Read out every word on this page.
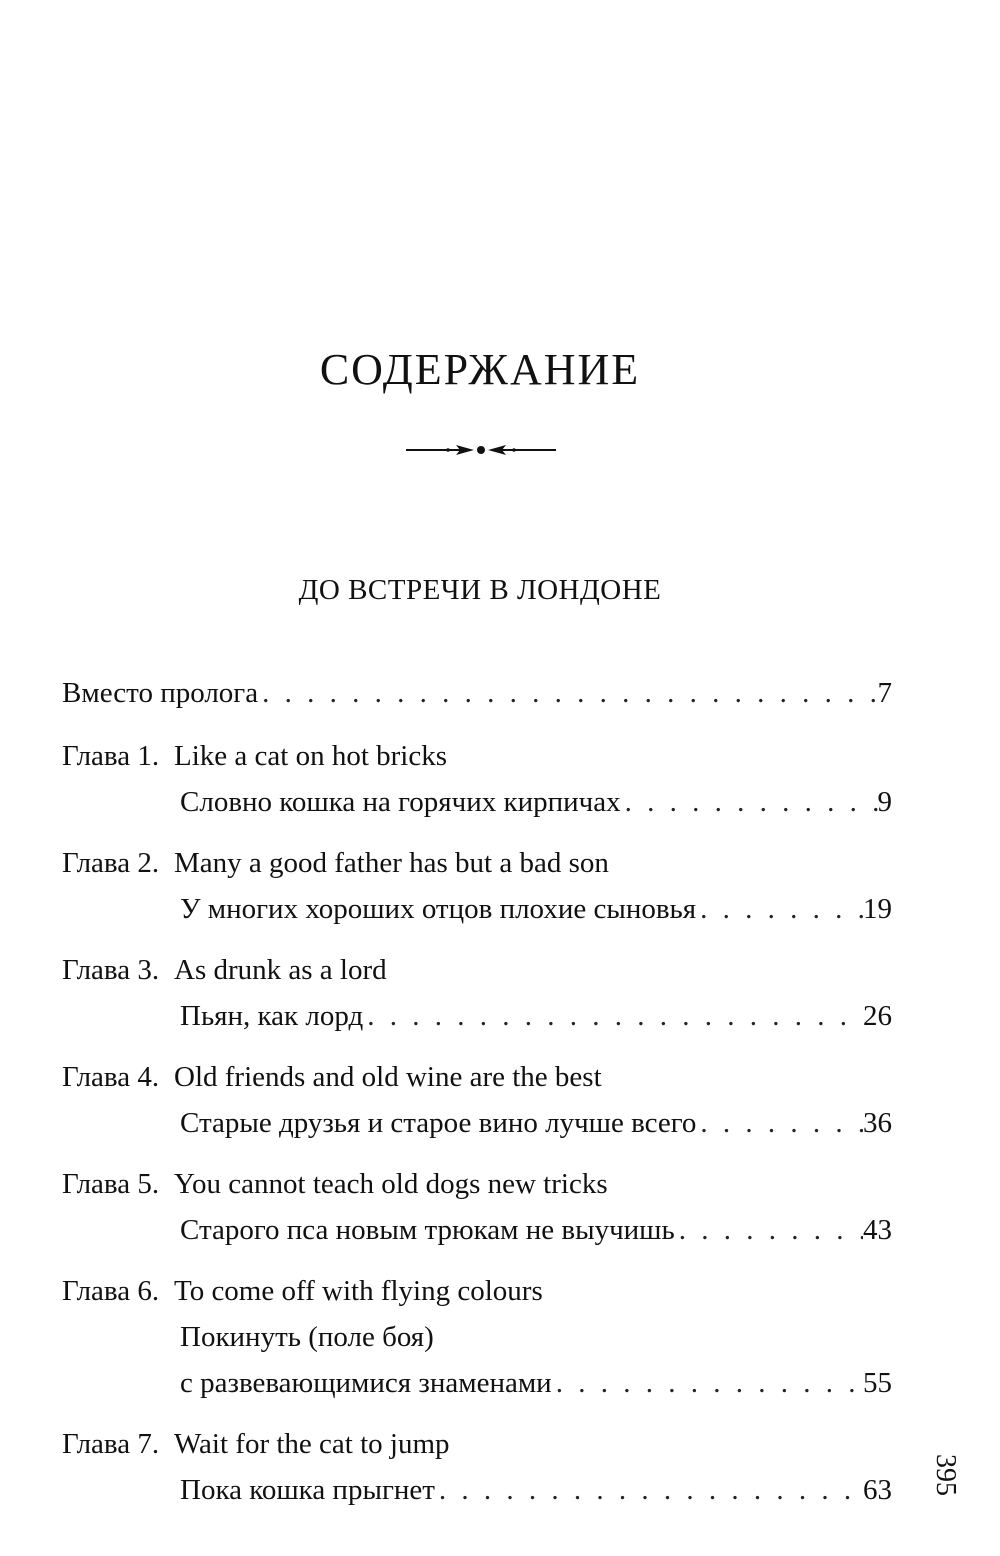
СОДЕРЖАНИЕ
ДО ВСТРЕЧИ В ЛОНДОНЕ
Вместо пролога . . .	7
Глава 1. Like a cat on hot bricks
Словно кошка на горячих кирпичах . . .	9
Глава 2. Many a good father has but a bad son
У многих хороших отцов плохие сыновья . . .	19
Глава 3. As drunk as a lord
Пьян, как лорд . . .	26
Глава 4. Old friends and old wine are the best
Старые друзья и старое вино лучше всего . . .	36
Глава 5. You cannot teach old dogs new tricks
Старого пса новым трюкам не выучишь . . .	43
Глава 6. To come off with flying colours
Покинуть (поле боя)
с развевающимися знаменами . . .	55
Глава 7. Wait for the cat to jump
Пока кошка прыгнет . . .	63 395
